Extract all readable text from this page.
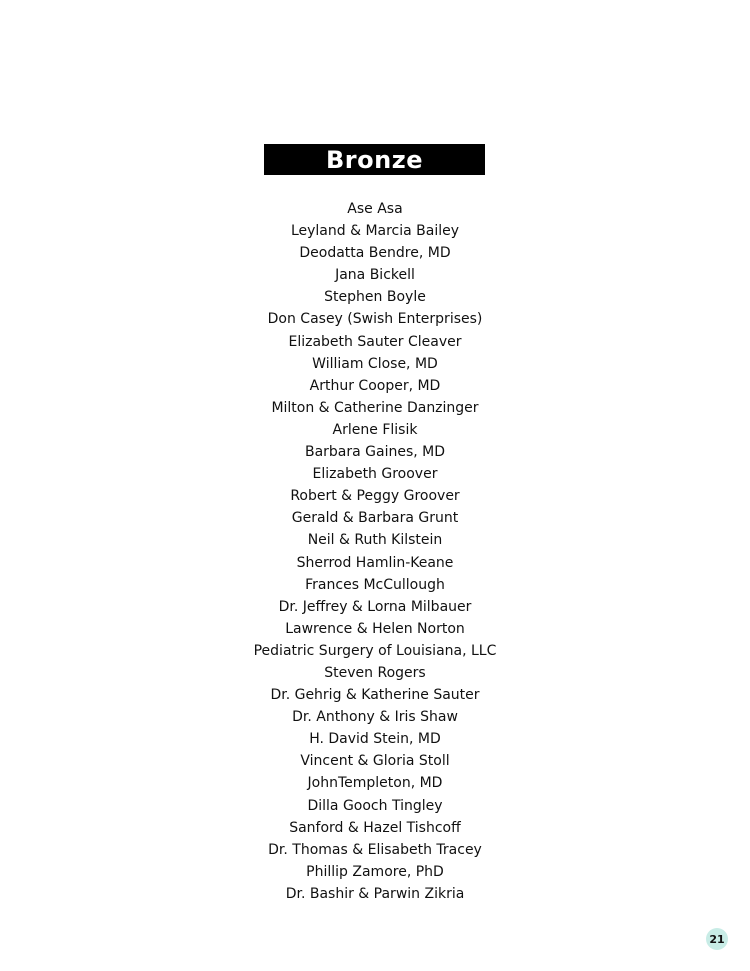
Bronze
Ase Asa
Leyland & Marcia Bailey
Deodatta Bendre, MD
Jana Bickell
Stephen Boyle
Don Casey (Swish Enterprises)
Elizabeth Sauter Cleaver
William Close, MD
Arthur Cooper, MD
Milton & Catherine Danzinger
Arlene Flisik
Barbara Gaines, MD
Elizabeth Groover
Robert & Peggy Groover
Gerald & Barbara Grunt
Neil & Ruth Kilstein
Sherrod Hamlin-Keane
Frances McCullough
Dr. Jeffrey & Lorna Milbauer
Lawrence & Helen Norton
Pediatric Surgery of Louisiana, LLC
Steven Rogers
Dr. Gehrig & Katherine Sauter
Dr. Anthony & Iris Shaw
H. David Stein, MD
Vincent & Gloria Stoll
JohnTempleton, MD
Dilla Gooch Tingley
Sanford & Hazel Tishcoff
Dr. Thomas & Elisabeth Tracey
Phillip Zamore, PhD
Dr. Bashir & Parwin Zikria
21
